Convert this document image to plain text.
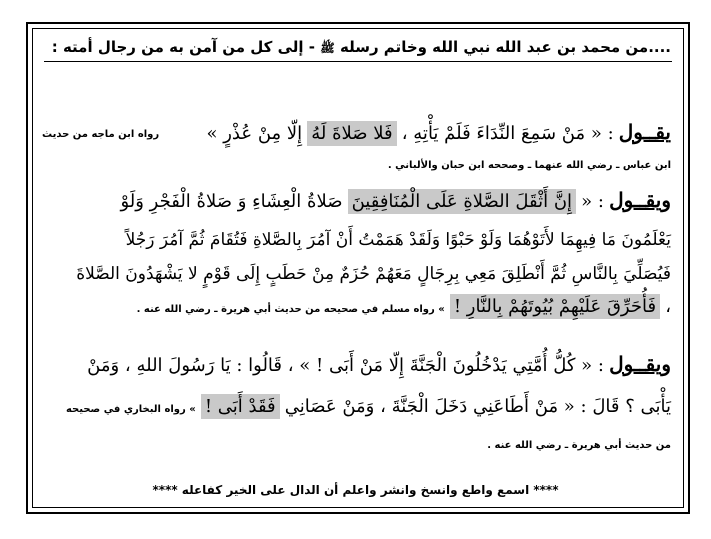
....من محمد بن عبد الله نبي الله وخاتم رسله ﷺ - إلى كل من آمن به من رجال أمته :
يقــول : « مَنْ سَمِعَ النِّدَاءَ فَلَمْ يَأْتِهِ ، فَلا صَلاةَ لَهُ إِلّا مِنْ عُذْرٍ »
رواه ابن ماجه من حديث
ابن عباس ـ رضي الله عنهما ـ وصححه ابن حبان والألباني .
ويقــول : « إِنَّ أَثْقَلَ الصَّلاةِ عَلَى الْمُنَافِقِينَ صَلاةُ الْعِشَاءِ وَ صَلاةُ الْفَجْرِ وَلَوْ
يَعْلَمُونَ مَا فِيهِمَا لأَتَوْهُمَا وَلَوْ حَبْوًا وَلَقَدْ هَمَمْتُ أَنْ آمُرَ بِالصَّلاةِ فَتُقَامَ ثُمَّ آمُرَ رَجُلاً
فَيُصَلِّيَ بِالنَّاسِ ثُمَّ أَنْطَلِقَ مَعِي بِرِجَالٍ مَعَهُمْ حُزَمٌ مِنْ حَطَبٍ إِلَى قَوْمٍ لا يَشْهَدُونَ الصَّلاةَ
، فَأُحَرِّقَ عَلَيْهِمْ بُيُوتَهُمْ بِالنَّارِ ! » رواه مسلم في صحيحه من حديث أبي هريرة ـ رضي الله عنه .
ويقــول : « كُلُّ أُمَّتِي يَدْخُلُونَ الْجَنَّةَ إِلّا مَنْ أَبَى ! » ، قَالُوا : يَا رَسُولَ اللهِ ، وَمَنْ
يَأْبَى ؟ قَالَ : « مَنْ أَطَاعَنِي دَخَلَ الْجَنَّةَ ، وَمَنْ عَصَانِي فَقَدْ أَبَى ! » رواه البخاري في صحيحه
من حديث أبي هريرة ـ رضي الله عنه .
**** اسمع واطع وانسخ وانشر واعلم أن الدال على الخير كفاعله ****
